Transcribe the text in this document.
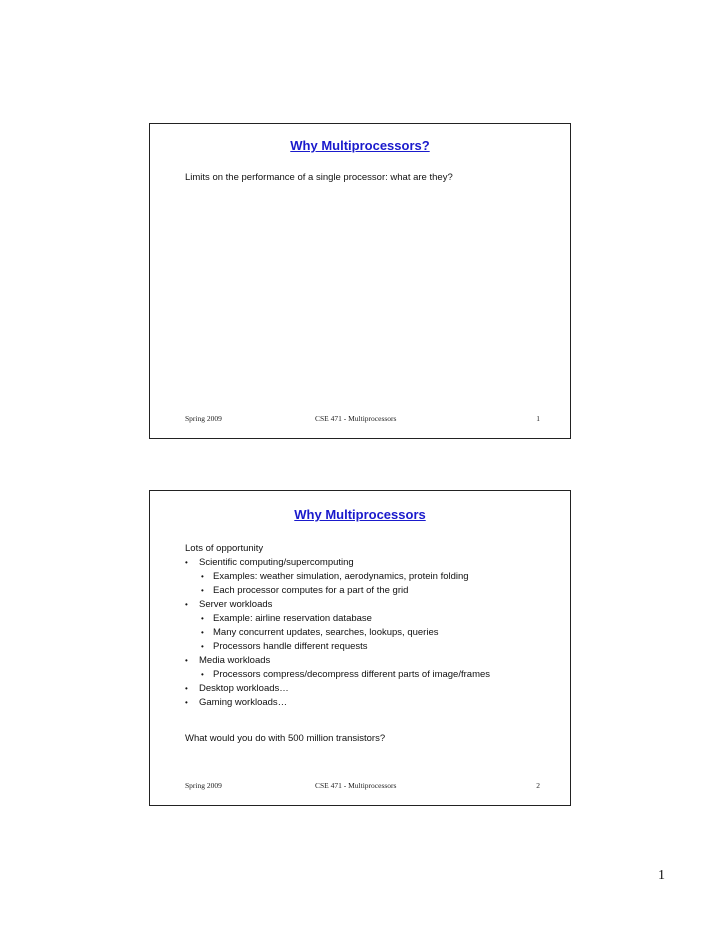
Why Multiprocessors?
Limits on the performance of a single processor: what are they?
Spring 2009	CSE 471 - Multiprocessors	1
Why Multiprocessors
Lots of opportunity
• Scientific computing/supercomputing
• Examples: weather simulation, aerodynamics, protein folding
• Each processor computes for a part of the grid
• Server workloads
• Example: airline reservation database
• Many concurrent updates, searches, lookups, queries
• Processors handle different requests
• Media workloads
• Processors compress/decompress different parts of image/frames
• Desktop workloads…
• Gaming workloads…
What would you do with 500 million transistors?
Spring 2009	CSE 471 - Multiprocessors	2
1
